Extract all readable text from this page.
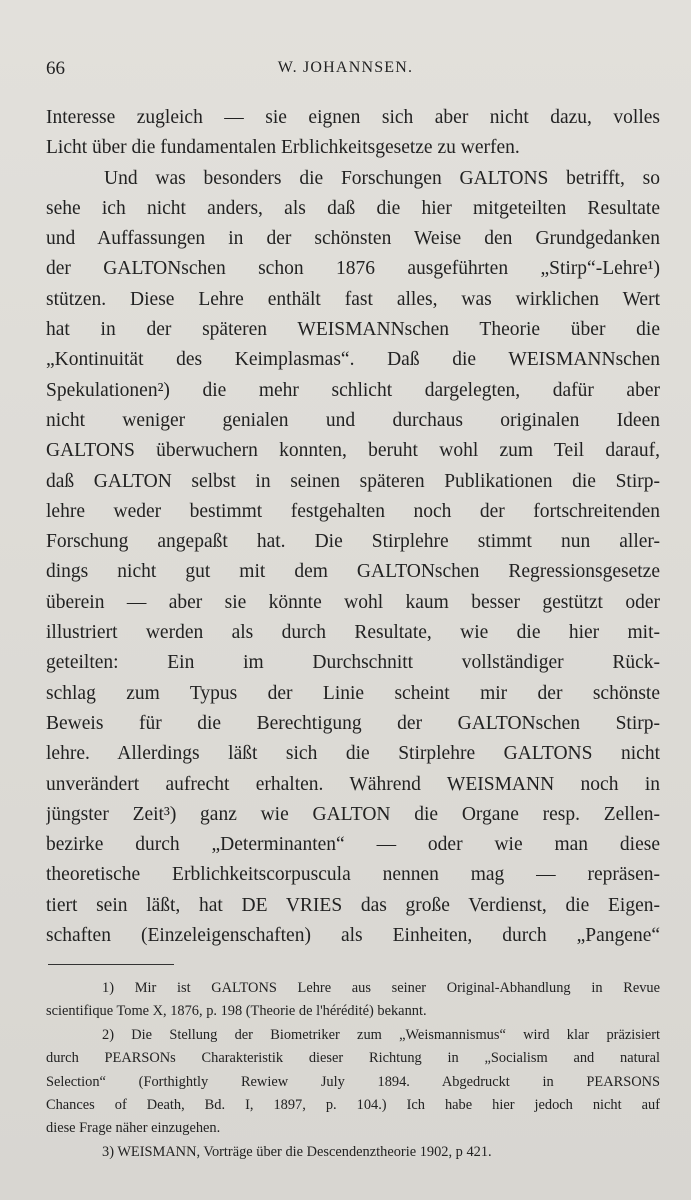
66	W. JOHANNSEN.
Interesse zugleich — sie eignen sich aber nicht dazu, volles
Licht über die fundamentalen Erblichkeitsgesetze zu werfen.
Und was besonders die Forschungen GALTONS betrifft, so
sehe ich nicht anders, als daß die hier mitgeteilten Resultate
und Auffassungen in der schönsten Weise den Grundgedanken
der GALTONschen schon 1876 ausgeführten „Stirp“-Lehre¹)
stützen. Diese Lehre enthält fast alles, was wirklichen Wert
hat in der späteren WEISMANNschen Theorie über die
„Kontinuität des Keimplasmas“. Daß die WEISMANNschen
Spekulationen²) die mehr schlicht dargelegten, dafür aber
nicht weniger genialen und durchaus originalen Ideen
GALTONS überwuchern konnten, beruht wohl zum Teil darauf,
daß GALTON selbst in seinen späteren Publikationen die Stirp-
lehre weder bestimmt festgehalten noch der fortschreitenden
Forschung angepaßt hat. Die Stirplehre stimmt nun aller-
dings nicht gut mit dem GALTONschen Regressionsgesetze
überein — aber sie könnte wohl kaum besser gestützt oder
illustriert werden als durch Resultate, wie die hier mit-
geteilten: Ein im Durchschnitt vollständiger Rück-
schlag zum Typus der Linie scheint mir der schönste
Beweis für die Berechtigung der GALTONschen Stirp-
lehre. Allerdings läßt sich die Stirplehre GALTONS nicht
unverändert aufrecht erhalten. Während WEISMANN noch in
jüngster Zeit³) ganz wie GALTON die Organe resp. Zellen-
bezirke durch „Determinanten“ — oder wie man diese
theoretische Erblichkeitscorpuscula nennen mag — repräsen-
tiert sein läßt, hat DE VRIES das große Verdienst, die Eigen-
schaften (Einzeleigenschaften) als Einheiten, durch „Pangene“
1) Mir ist GALTONS Lehre aus seiner Original-Abhandlung in Revue
scientifique Tome X, 1876, p. 198 (Theorie de l'hérédité) bekannt.
2) Die Stellung der Biometriker zum „Weismannismus“ wird klar präzisiert
durch PEARSONs Charakteristik dieser Richtung in „Socialism and natural
Selection“ (Forthightly Rewiew July 1894. Abgedruckt in PEARSONS
Chances of Death, Bd. I, 1897, p. 104.) Ich habe hier jedoch nicht auf
diese Frage näher einzugehen.
3) WEISMANN, Vorträge über die Descendenztheorie 1902, p 421.
